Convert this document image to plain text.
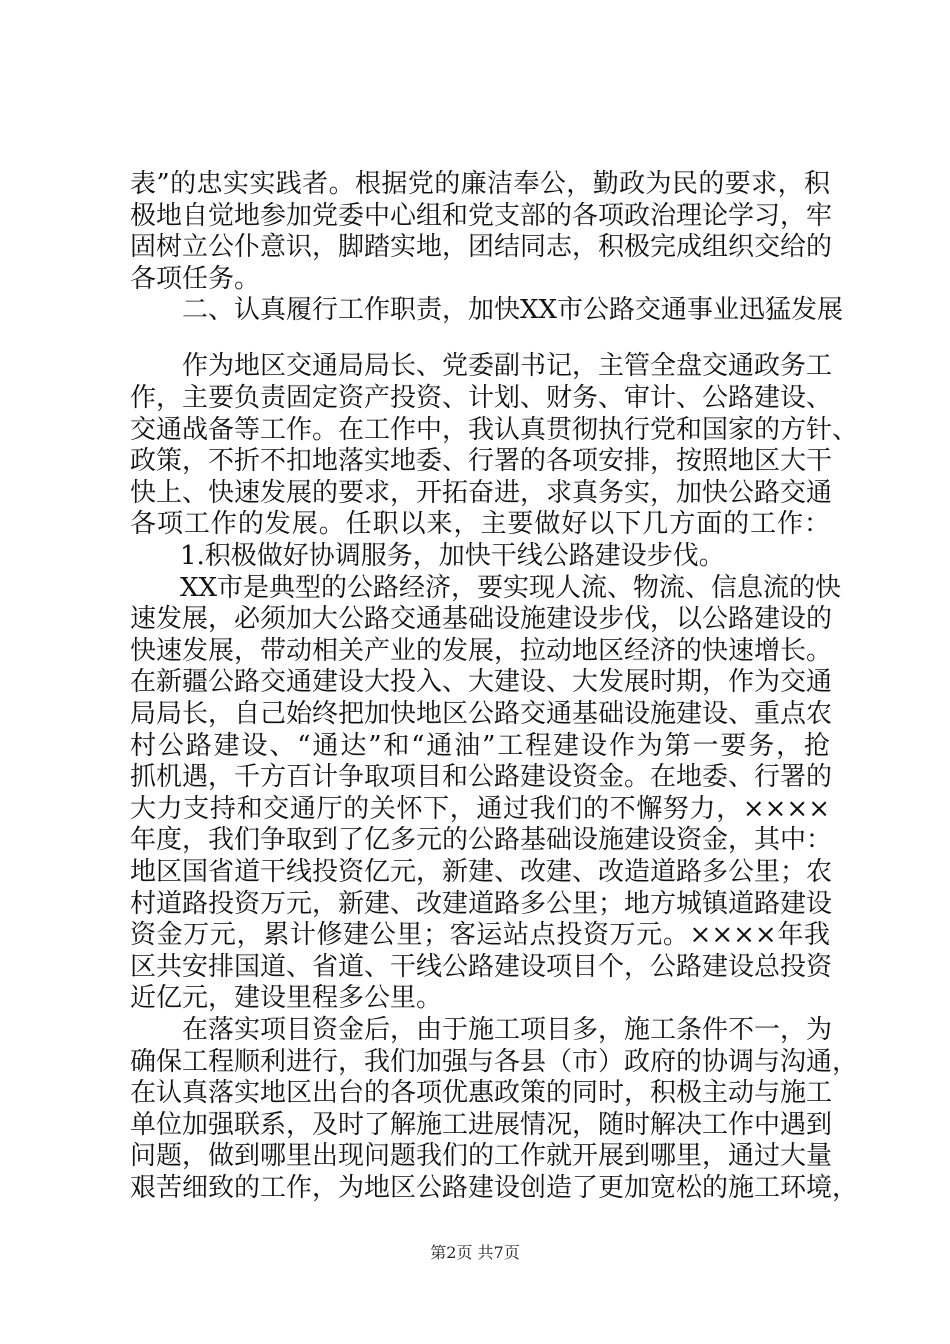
表”的忠实实践者。根据党的廉洁奉公，勤政为民的要求，积
极地自觉地参加党委中心组和党支部的各项政治理论学习，牢
固树立公仆意识，脚踏实地，团结同志，积极完成组织交给的
各项任务。
二、认真履行工作职责，加快XX市公路交通事业迅猛发展
作为地区交通局局长、党委副书记，主管全盘交通政务工
作，主要负责固定资产投资、计划、财务、审计、公路建设、
交通战备等工作。在工作中，我认真贯彻执行党和国家的方针、
政策，不折不扣地落实地委、行署的各项安排，按照地区大干
快上、快速发展的要求，开拓奋进，求真务实，加快公路交通
各项工作的发展。任职以来，主要做好以下几方面的工作：
1.积极做好协调服务，加快干线公路建设步伐。
XX市是典型的公路经济，要实现人流、物流、信息流的快
速发展，必须加大公路交通基础设施建设步伐，以公路建设的
快速发展，带动相关产业的发展，拉动地区经济的快速增长。
在新疆公路交通建设大投入、大建设、大发展时期，作为交通
局局长，自己始终把加快地区公路交通基础设施建设、重点农
村公路建设、“通达”和“通油”工程建设作为第一要务，抢
抓机遇，千方百计争取项目和公路建设资金。在地委、行署的
大力支持和交通厅的关怀下，通过我们的不懈努力，××××
年度，我们争取到了亿多元的公路基础设施建设资金，其中：
地区国省道干线投资亿元，新建、改建、改造道路多公里；农
村道路投资万元，新建、改建道路多公里；地方城镇道路建设
资金万元，累计修建公里；客运站点投资万元。××××年我
区共安排国道、省道、干线公路建设项目个，公路建设总投资
近亿元，建设里程多公里。
在落实项目资金后，由于施工项目多，施工条件不一，为
确保工程顺利进行，我们加强与各县（市）政府的协调与沟通，
在认真落实地区出台的各项优惠政策的同时，积极主动与施工
单位加强联系，及时了解施工进展情况，随时解决工作中遇到
问题，做到哪里出现问题我们的工作就开展到哪里，通过大量
艰苦细致的工作，为地区公路建设创造了更加宽松的施工环境，
第2页 共7页
